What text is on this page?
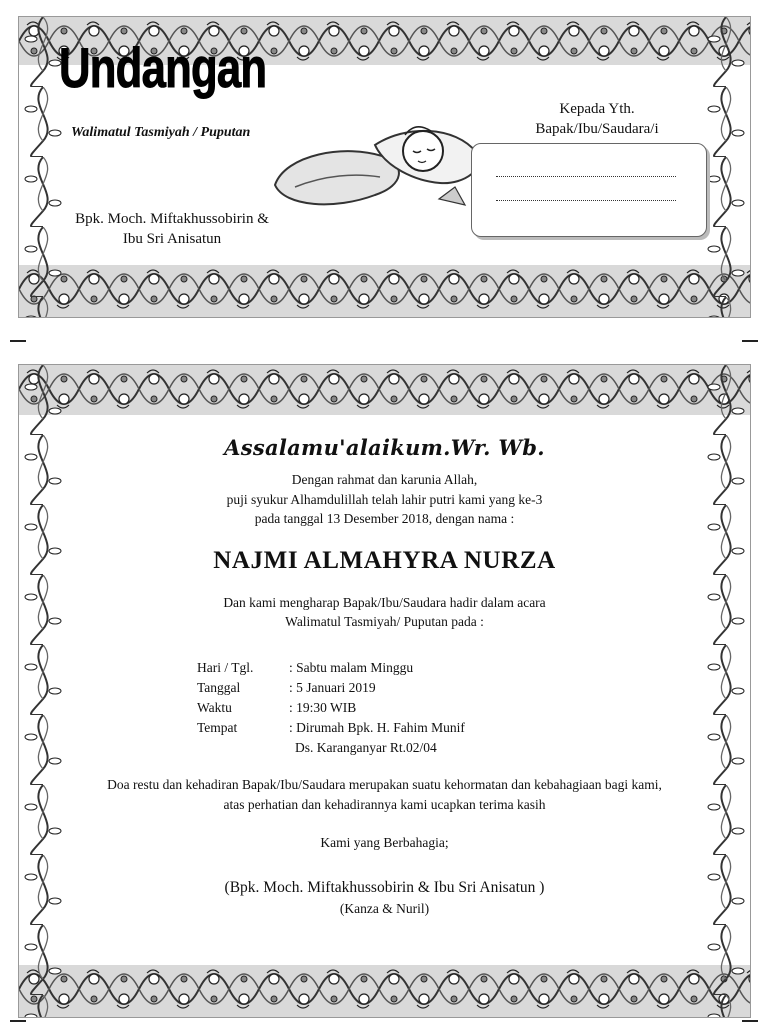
Undangan
Walimatul Tasmiyah / Puputan
Bpk. Moch. Miftakhussobirin &
Ibu Sri Anisatun
Kepada Yth.
Bapak/Ibu/Saudara/i
Assalamu'alaikum.Wr. Wb.
Dengan rahmat dan karunia Allah,
puji syukur Alhamdulillah telah lahir putri kami yang ke-3
pada tanggal 13 Desember 2018, dengan nama :
NAJMI ALMAHYRA NURZA
Dan kami mengharap Bapak/Ibu/Saudara hadir dalam acara
Walimatul Tasmiyah/ Puputan pada :
Hari / Tgl.	: Sabtu malam Minggu
Tanggal	: 5 Januari 2019
Waktu	: 19:30 WIB
Tempat	: Dirumah Bpk. H. Fahim Munif
Ds. Karanganyar Rt.02/04
Doa restu dan kehadiran Bapak/Ibu/Saudara merupakan suatu kehormatan dan kebahagiaan bagi kami,
atas perhatian dan kehadirannya kami ucapkan terima kasih
Kami yang Berbahagia;
(Bpk. Moch. Miftakhussobirin & Ibu Sri Anisatun )
(Kanza & Nuril)
